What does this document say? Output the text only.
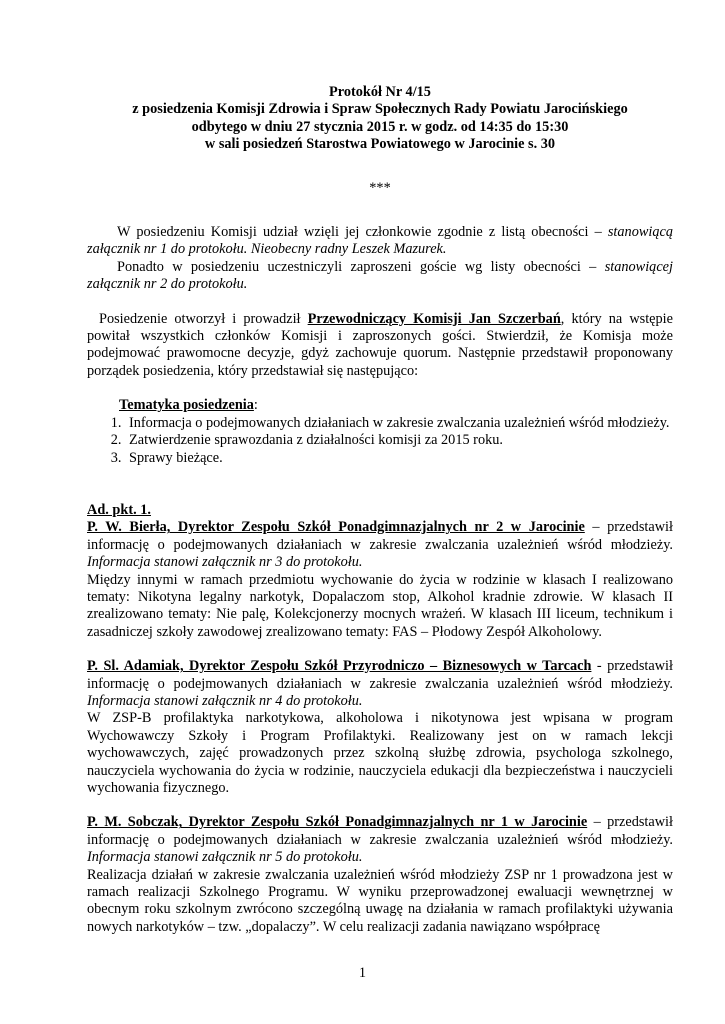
Protokół Nr 4/15
z posiedzenia Komisji Zdrowia i Spraw Społecznych Rady Powiatu Jarocińskiego
odbytego w dniu 27 stycznia 2015 r. w godz. od 14:35 do 15:30
w sali posiedzeń Starostwa Powiatowego w Jarocinie s. 30
***

W posiedzeniu Komisji udział wzięli jej członkowie zgodnie z listą obecności – stanowiącą załącznik nr 1 do protokołu. Nieobecny radny Leszek Mazurek.

Ponadto w posiedzeniu uczestniczyli zaproszeni goście wg listy obecności – stanowiącej załącznik nr 2 do protokołu.

Posiedzenie otworzył i prowadził Przewodniczący Komisji Jan Szczerbań, który na wstępie powitał wszystkich członków Komisji i zaproszonych gości. Stwierdził, że Komisja może podejmować prawomocne decyzje, gdyż zachowuje quorum. Następnie przedstawił proponowany porządek posiedzenia, który przedstawiał się następująco:

Tematyka posiedzenia:
1. Informacja o podejmowanych działaniach w zakresie zwalczania uzależnień wśród młodzieży.
2. Zatwierdzenie sprawozdania z działalności komisji za 2015 roku.
3. Sprawy bieżące.
Ad. pkt. 1.

P. W. Bierła, Dyrektor Zespołu Szkół Ponadgimnazjalnych nr 2 w Jarocinie – przedstawił informację o podejmowanych działaniach w zakresie zwalczania uzależnień wśród młodzieży. Informacja stanowi załącznik nr 3 do protokołu.

Między innymi w ramach przedmiotu wychowanie do życia w rodzinie w klasach I realizowano tematy: Nikotyna legalny narkotyk, Dopalaczom stop, Alkohol kradnie zdrowie. W klasach II zrealizowano tematy: Nie palę, Kolekcjonerzy mocnych wrażeń. W klasach III liceum, technikum i zasadniczej szkoły zawodowej zrealizowano tematy: FAS – Płodowy Zespół Alkoholowy.

P. Sl. Adamiak, Dyrektor Zespołu Szkół Przyrodniczo – Biznesowych w Tarcach - przedstawił informację o podejmowanych działaniach w zakresie zwalczania uzależnień wśród młodzieży. Informacja stanowi załącznik nr 4 do protokołu.

W ZSP-B profilaktyka narkotykowa, alkoholowa i nikotynowa jest wpisana w program Wychowawczy Szkoły i Program Profilaktyki. Realizowany jest on w ramach lekcji wychowawczych, zajęć prowadzonych przez szkolną służbę zdrowia, psychologa szkolnego, nauczyciela wychowania do życia w rodzinie, nauczyciela edukacji dla bezpieczeństwa i nauczycieli wychowania fizycznego.

P. M. Sobczak, Dyrektor Zespołu Szkół Ponadgimnazjalnych nr 1 w Jarocinie – przedstawił informację o podejmowanych działaniach w zakresie zwalczania uzależnień wśród młodzieży. Informacja stanowi załącznik nr 5 do protokołu.

Realizacja działań w zakresie zwalczania uzależnień wśród młodzieży ZSP nr 1 prowadzona jest w ramach realizacji Szkolnego Programu. W wyniku przeprowadzonej ewaluacji wewnętrznej w obecnym roku szkolnym zwrócono szczególną uwagę na działania w ramach profilaktyki używania nowych narkotyków – tzw. „dopalaczy”. W celu realizacji zadania nawiązano współpracę

1
